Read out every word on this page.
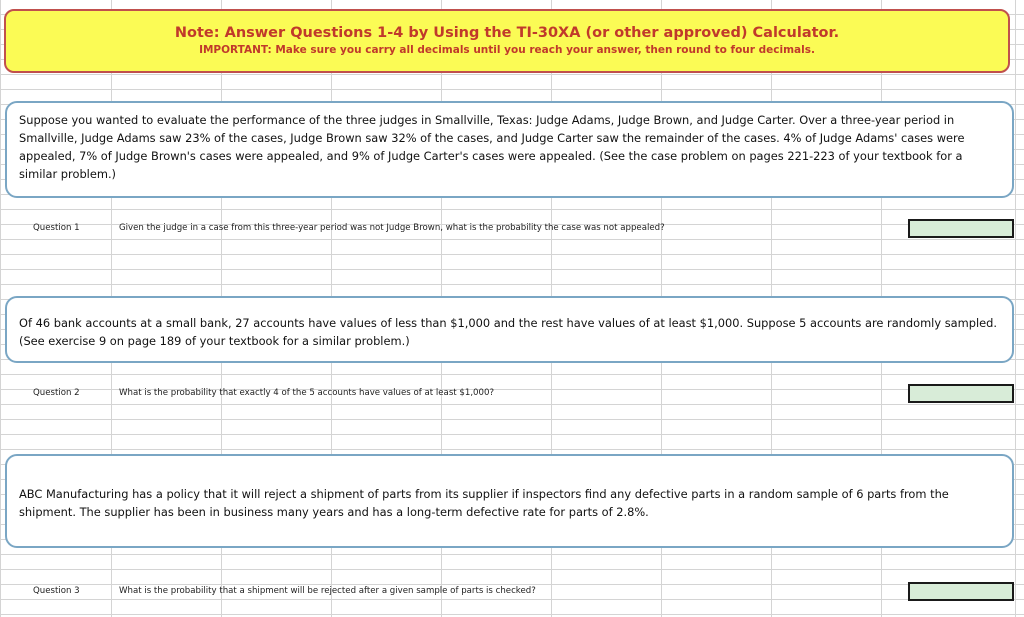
Note: Answer Questions 1-4 by Using the TI-30XA (or other approved) Calculator.
IMPORTANT: Make sure you carry all decimals until you reach your answer, then round to four decimals.
Suppose you wanted to evaluate the performance of the three judges in Smallville, Texas: Judge Adams, Judge Brown, and Judge Carter. Over a three-year period in Smallville, Judge Adams saw 23% of the cases, Judge Brown saw 32% of the cases, and Judge Carter saw the remainder of the cases. 4% of Judge Adams' cases were appealed, 7% of Judge Brown's cases were appealed, and 9% of Judge Carter's cases were appealed. (See the case problem on pages 221-223 of your textbook for a similar problem.)
Question 1	Given the judge in a case from this three-year period was not Judge Brown, what is the probability the case was not appealed?
Of 46 bank accounts at a small bank, 27 accounts have values of less than $1,000 and the rest have values of at least $1,000. Suppose 5 accounts are randomly sampled. (See exercise 9 on page 189 of your textbook for a similar problem.)
Question 2	What is the probability that exactly 4 of the 5 accounts have values of at least $1,000?
ABC Manufacturing has a policy that it will reject a shipment of parts from its supplier if inspectors find any defective parts in a random sample of 6 parts from the shipment. The supplier has been in business many years and has a long-term defective rate for parts of 2.8%.
Question 3	What is the probability that a shipment will be rejected after a given sample of parts is checked?
